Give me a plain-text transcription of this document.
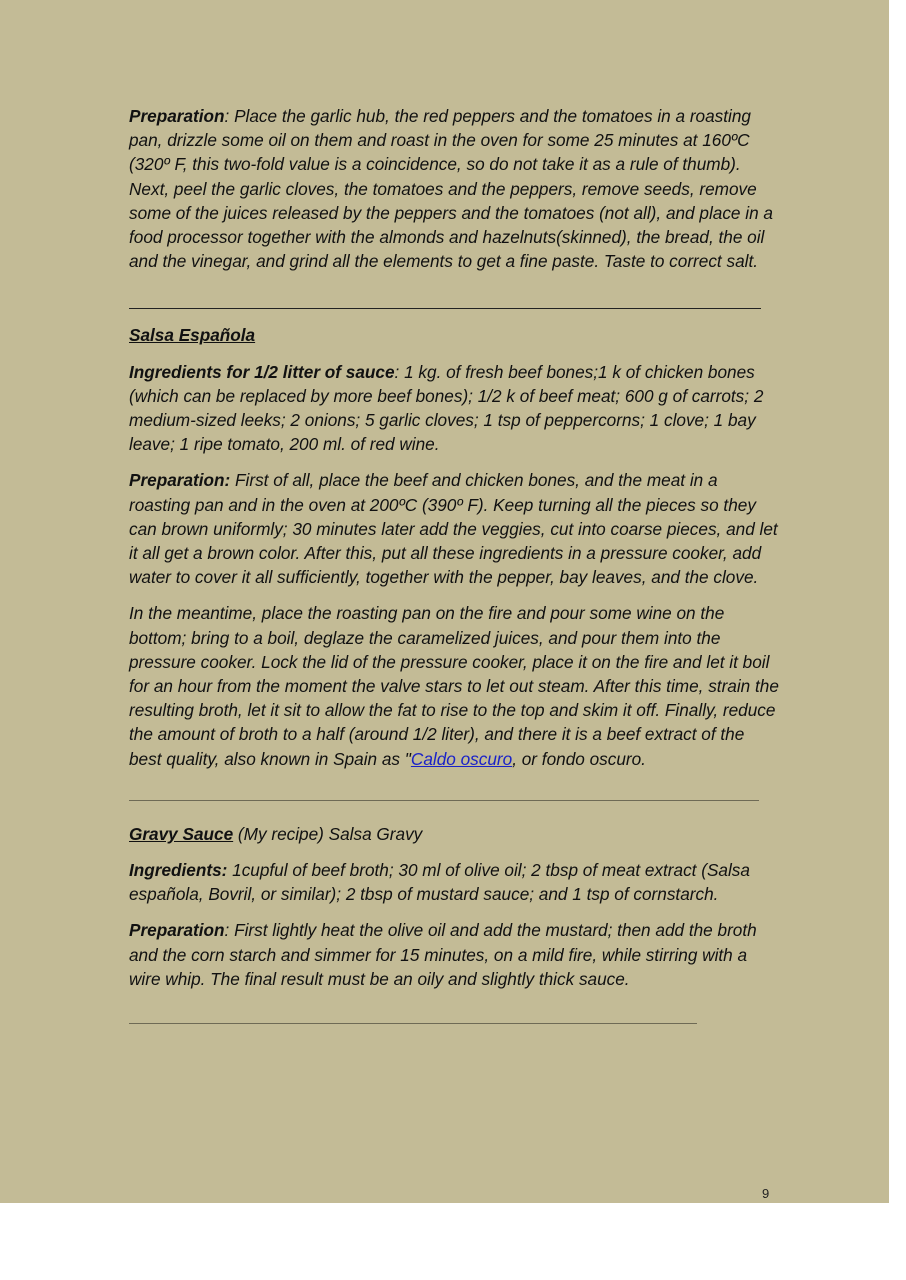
Preparation: Place the garlic hub, the red peppers and the tomatoes in a roasting pan, drizzle some oil on them and roast in the oven for some 25 minutes at 160ºC (320º F, this two-fold value is a coincidence, so do not take it as a rule of thumb). Next, peel the garlic cloves, the tomatoes and the peppers, remove seeds, remove some of the juices released by the peppers and the tomatoes (not all), and place in a food processor together with the almonds and hazelnuts(skinned), the bread, the oil and the vinegar, and grind all the elements to get a fine paste. Taste to correct salt.

Salsa Española

Ingredients for 1/2 litter of sauce: 1 kg. of fresh beef bones;1 k of chicken bones (which can be replaced by more beef bones); 1/2 k of beef meat; 600 g of carrots; 2 medium-sized leeks; 2 onions; 5 garlic cloves; 1 tsp of peppercorns; 1 clove; 1 bay leave; 1 ripe tomato, 200 ml. of red wine.

Preparation: First of all, place the beef and chicken bones, and the meat in a roasting pan and in the oven at 200ºC (390º F). Keep turning all the pieces so they can brown uniformly; 30 minutes later add the veggies, cut into coarse pieces, and let it all get a brown color. After this, put all these ingredients in a pressure cooker, add water to cover it all sufficiently, together with the pepper, bay leaves, and the clove.

In the meantime, place the roasting pan on the fire and pour some wine on the bottom; bring to a boil, deglaze the caramelized juices, and pour them into the pressure cooker. Lock the lid of the pressure cooker, place it on the fire and let it boil for an hour from the moment the valve stars to let out steam. After this time, strain the resulting broth, let it sit to allow the fat to rise to the top and skim it off. Finally, reduce the amount of broth to a half (around 1/2 liter), and there it is a beef extract of the best quality, also known in Spain as "Caldo oscuro, or fondo oscuro.

Gravy Sauce (My recipe) Salsa Gravy

Ingredients: 1cupful of beef broth; 30 ml of olive oil; 2 tbsp of meat extract (Salsa española, Bovril, or similar); 2 tbsp of mustard sauce; and 1 tsp of cornstarch.

Preparation: First lightly heat the olive oil and add the mustard; then add the broth and the corn starch and simmer for 15 minutes, on a mild fire, while stirring with a wire whip. The final result must be an oily and slightly thick sauce.

9
